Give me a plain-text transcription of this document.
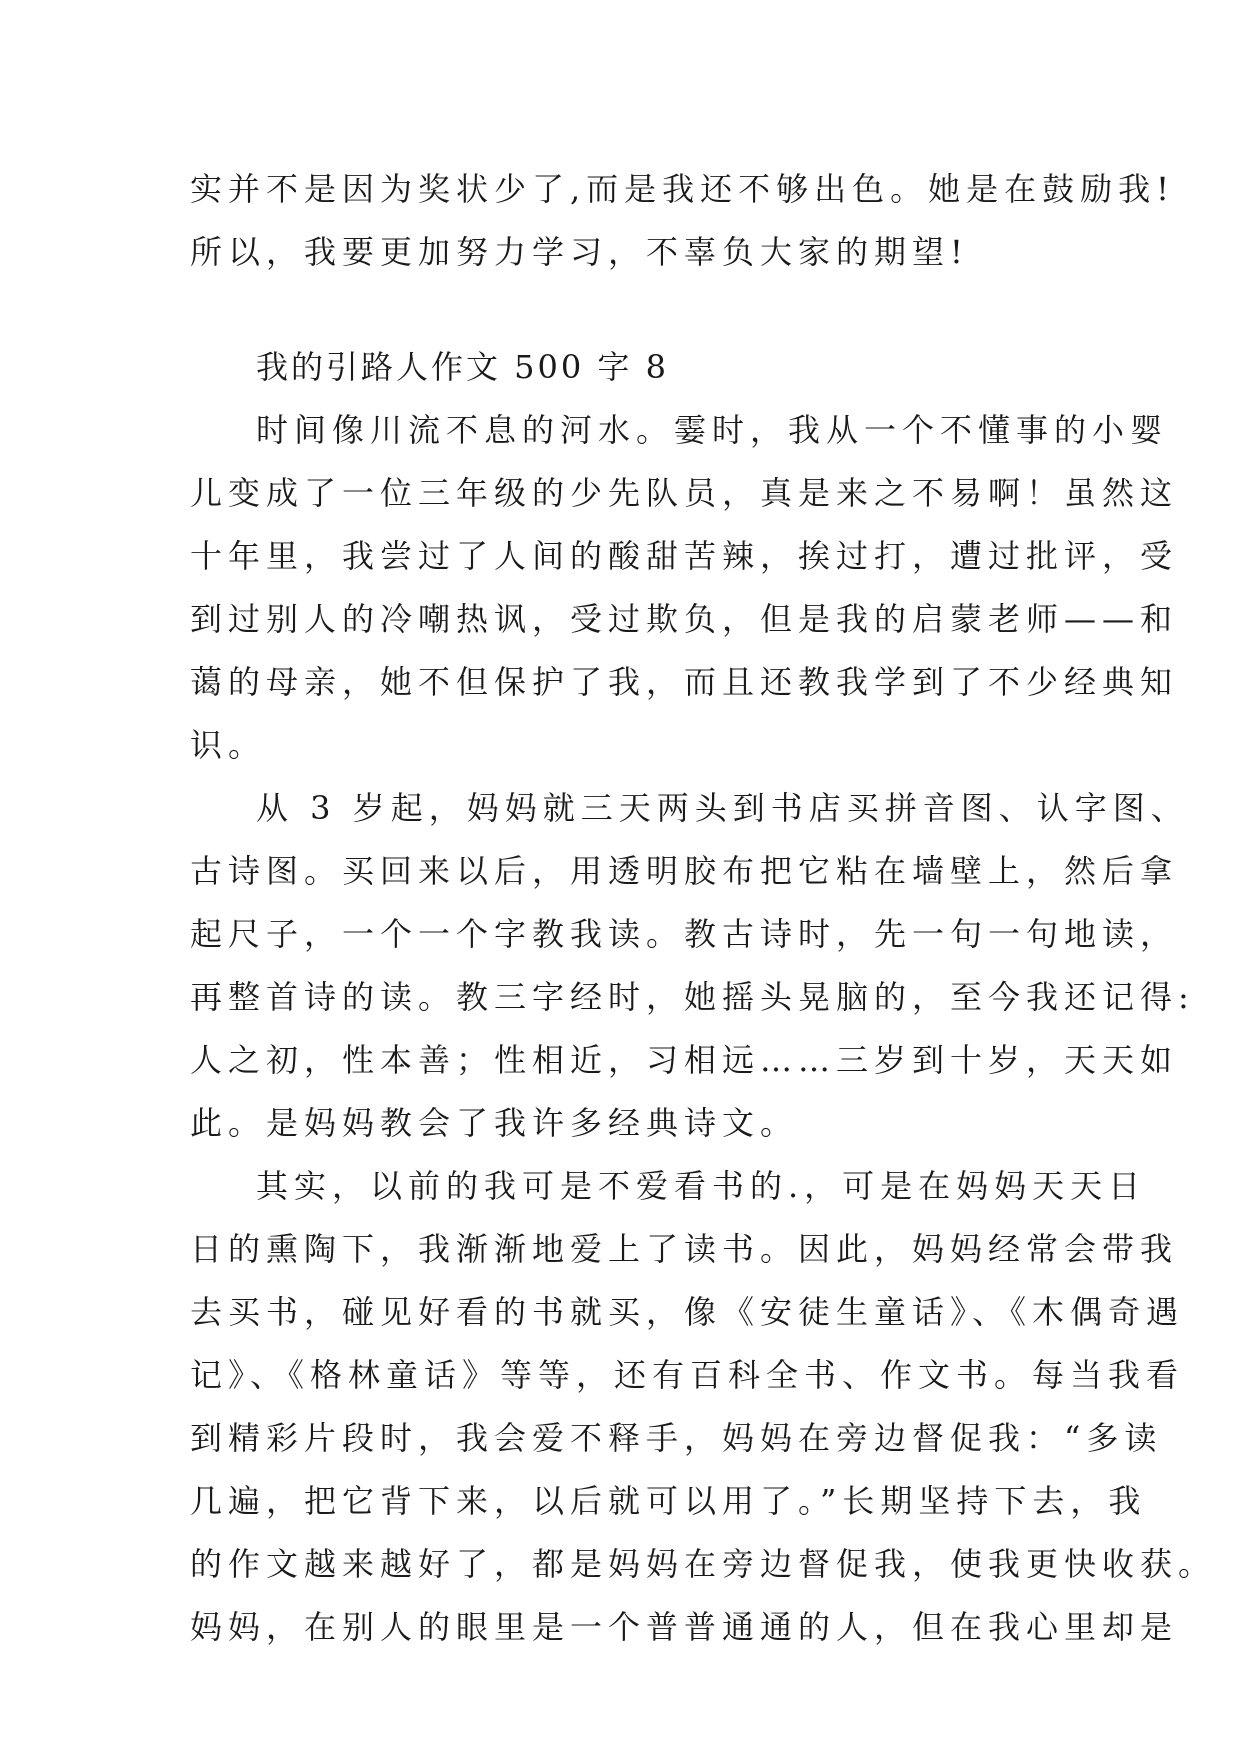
实并不是因为奖状少了,而是我还不够出色。她是在鼓励我!
所以，我要更加努力学习，不辜负大家的期望!
我的引路人作文 500 字 8
时间像川流不息的河水。霎时，我从一个不懂事的小婴
儿变成了一位三年级的少先队员，真是来之不易啊！虽然这
十年里，我尝过了人间的酸甜苦辣，挨过打，遭过批评，受
到过别人的冷嘲热讽，受过欺负，但是我的启蒙老师——和
蔼的母亲，她不但保护了我，而且还教我学到了不少经典知
识。
从 3 岁起，妈妈就三天两头到书店买拼音图、认字图、
古诗图。买回来以后，用透明胶布把它粘在墙壁上，然后拿
起尺子，一个一个字教我读。教古诗时，先一句一句地读，
再整首诗的读。教三字经时，她摇头晃脑的，至今我还记得:
人之初，性本善；性相近，习相远……三岁到十岁，天天如
此。是妈妈教会了我许多经典诗文。
其实，以前的我可是不爱看书的.，可是在妈妈天天日
日的熏陶下，我渐渐地爱上了读书。因此，妈妈经常会带我
去买书，碰见好看的书就买，像《安徒生童话》、《木偶奇遇
记》、《格林童话》等等，还有百科全书、作文书。每当我看
到精彩片段时，我会爱不释手，妈妈在旁边督促我：“多读
几遍，把它背下来，以后就可以用了。”长期坚持下去，我
的作文越来越好了，都是妈妈在旁边督促我，使我更快收获。
妈妈，在别人的眼里是一个普普通通的人，但在我心里却是
